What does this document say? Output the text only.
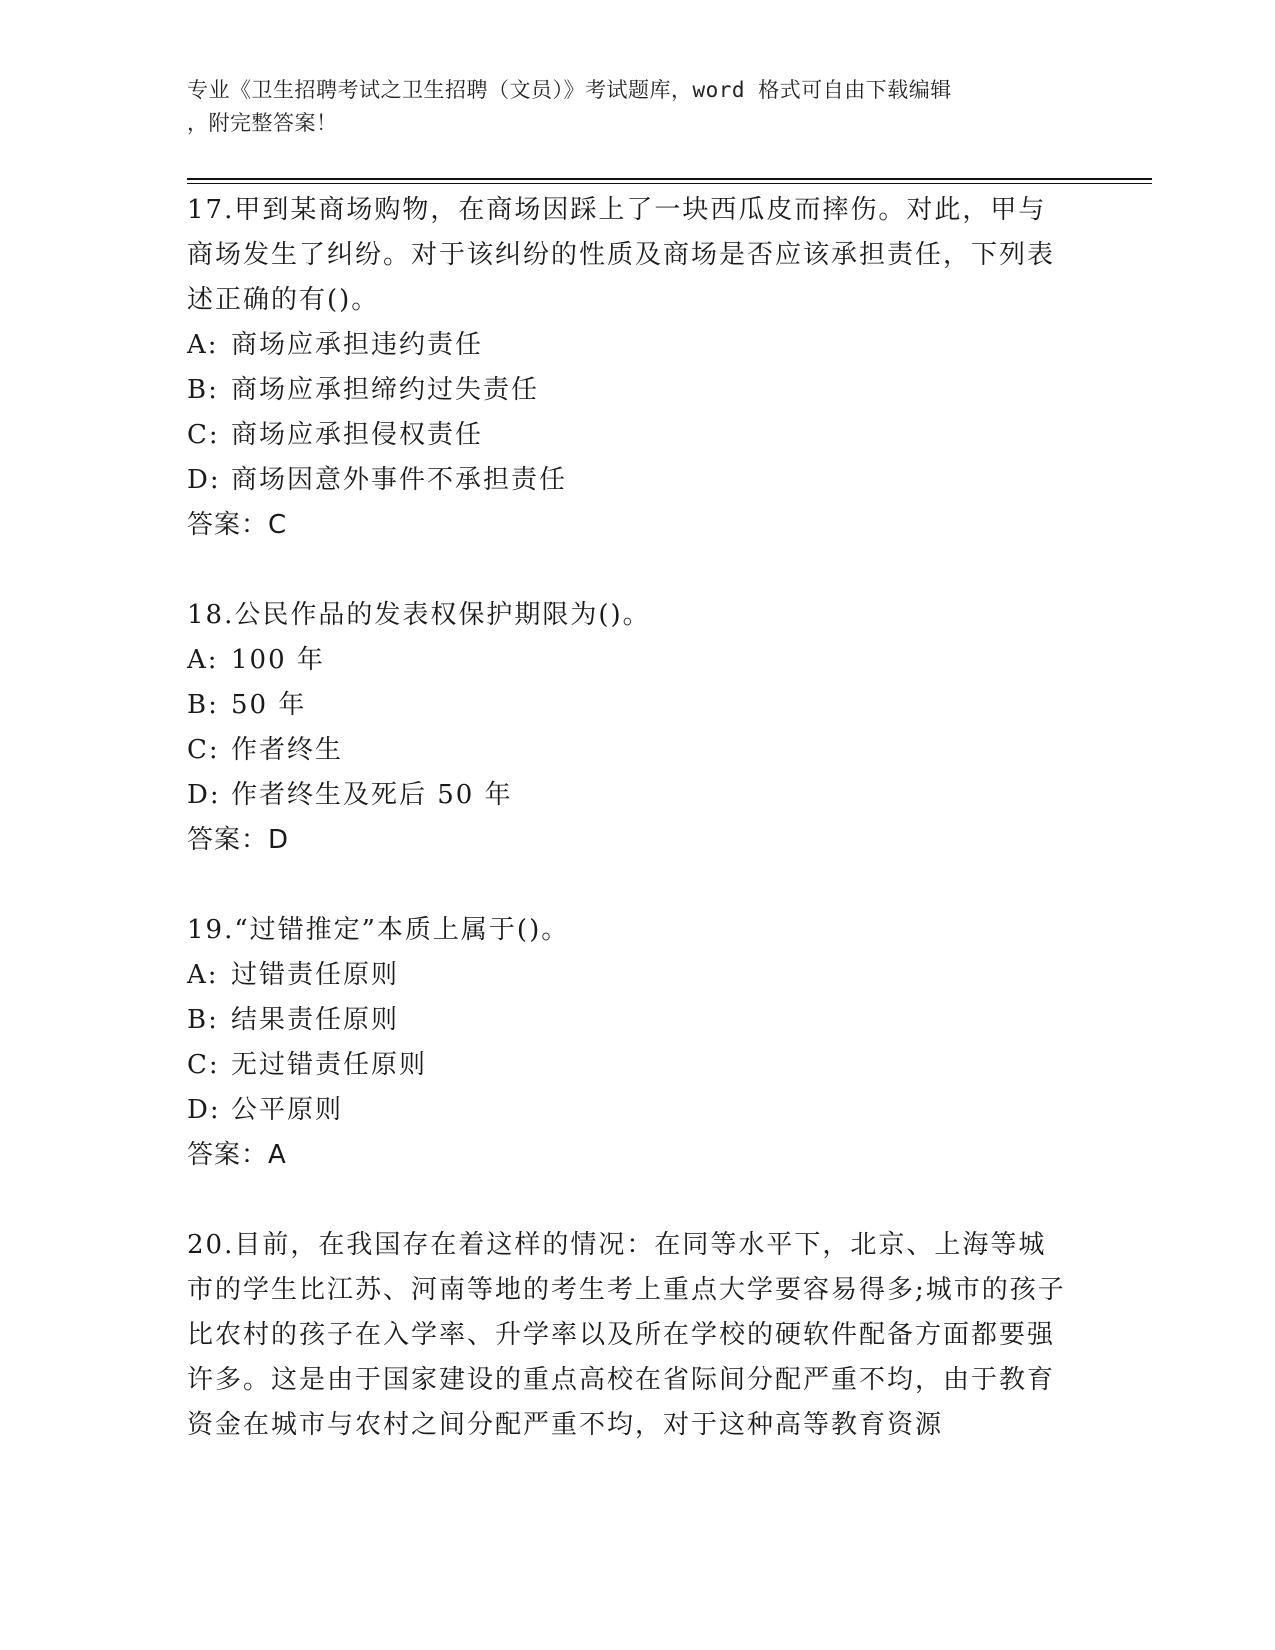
专业《卫生招聘考试之卫生招聘（文员）》考试题库，word 格式可自由下载编辑
，附完整答案！

17.甲到某商场购物，在商场因踩上了一块西瓜皮而摔伤。对此，甲与商场发生了纠纷。对于该纠纷的性质及商场是否应该承担责任，下列表述正确的有()。

A: 商场应承担违约责任

B: 商场应承担缔约过失责任

C: 商场应承担侵权责任

D: 商场因意外事件不承担责任

答案：C

18.公民作品的发表权保护期限为()。

A: 100 年

B: 50 年

C: 作者终生

D: 作者终生及死后 50 年

答案：D

19.“过错推定”本质上属于()。

A: 过错责任原则

B: 结果责任原则

C: 无过错责任原则

D: 公平原则

答案：A

20.目前，在我国存在着这样的情况：在同等水平下，北京、上海等城市的学生比江苏、河南等地的考生考上重点大学要容易得多;城市的孩子比农村的孩子在入学率、升学率以及所在学校的硬软件配备方面都要强许多。这是由于国家建设的重点高校在省际间分配严重不均，由于教育资金在城市与农村之间分配严重不均，对于这种高等教育资源
